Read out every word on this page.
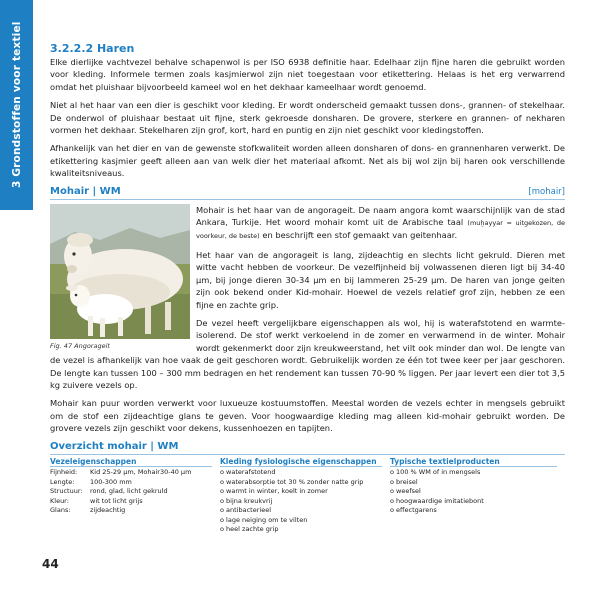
3 Grondstoffen voor textiel	3.2.2.2 Haren

Elke dierlijke vachtvezel behalve schapenwol is per ISO 6938 definitie haar. Edelhaar zijn fijne haren die gebruikt worden voor kleding. Informele termen zoals kasjmierwol zijn niet toegestaan voor etikettering. Helaas is het erg verwarrend omdat het pluishaar bijvoorbeeld kameel wol en het dekhaar kameelhaar wordt genoemd.

Niet al het haar van een dier is geschikt voor kleding. Er wordt onderscheid gemaakt tussen dons-, grannen- of stekelhaar. De onderwol of pluishaar bestaat uit fijne, sterk gekroesde donsharen. De grovere, sterkere en grannen- of nekharen vormen het dekhaar. Stekelharen zijn grof, kort, hard en puntig en zijn niet geschikt voor kledingstoffen.

Afhankelijk van het dier en van de gewenste stofkwaliteit worden alleen donsharen of dons- en grannenharen verwerkt. De etikettering kasjmier geeft alleen aan van welk dier het materiaal afkomt. Net als bij wol zijn bij haren ook verschillende kwaliteitsniveaus.

Mohair | WM	[mohair]
Fig. 47 Angorageit

Mohair is het haar van de angorageit. De naam angora komt waarschijnlijk van de stad Ankara, Turkije. Het woord mohair komt uit de Arabische taal (muḫayyar = uitgekozen, de voorkeur, de beste) en beschrijft een stof gemaakt van geitenhaar.

Het haar van de angorageit is lang, zijdeachtig en slechts licht gekruld. Dieren met witte vacht hebben de voorkeur. De vezelfijnheid bij volwassenen dieren ligt bij 34-40 µm, bij jonge dieren 30-34 µm en bij lammeren 25-29 µm. De haren van jonge geiten zijn ook bekend onder Kid-mohair. Hoewel de vezels relatief grof zijn, hebben ze een fijne en zachte grip.

De vezel heeft vergelijkbare eigenschappen als wol, hij is waterafstotend en warmte-isolerend. De stof werkt verkoelend in de zomer en verwarmend in de winter. Mohair wordt gekenmerkt door zijn kreukweerstand, het vilt ook minder dan wol. De lengte van de vezel is afhankelijk van hoe vaak de geit geschoren wordt. Gebruikelijk worden ze één tot twee keer per jaar geschoren. De lengte kan tussen 100 – 300 mm bedragen en het rendement kan tussen 70-90 % liggen. Per jaar levert een dier tot 3,5 kg zuivere vezels op.

Mohair kan puur worden verwerkt voor luxueuze kostuumstoffen. Meestal worden de vezels echter in mengsels gebruikt om de stof een zijdeachtige glans te geven. Voor hoogwaardige kleding mag alleen kid-mohair gebruikt worden. De grovere vezels zijn geschikt voor dekens, kussenhoezen en tapijten.

Overzicht mohair | WM
Vezeleigenschappen
Fijnheid:	Kid 25-29 µm, Mohair30-40 µm
Lengte:	100-300 mm
Structuur:	rond, glad, licht gekruld
Kleur:	wit tot licht grijs
Glans:	zijdeachtig
Kleding fysiologische eigenschappen
o waterafstotend
o waterabsorptie tot 30 % zonder natte grip
o warmt in winter, koelt in zomer
o bijna kreukvrij
o antibacterieel
o lage neiging om te vilten
o heel zachte grip
Typische textielproducten
o 100 % WM of in mengsels
o breisel
o weefsel
o hoogwaardige imitatiebont
o effectgarens
44
